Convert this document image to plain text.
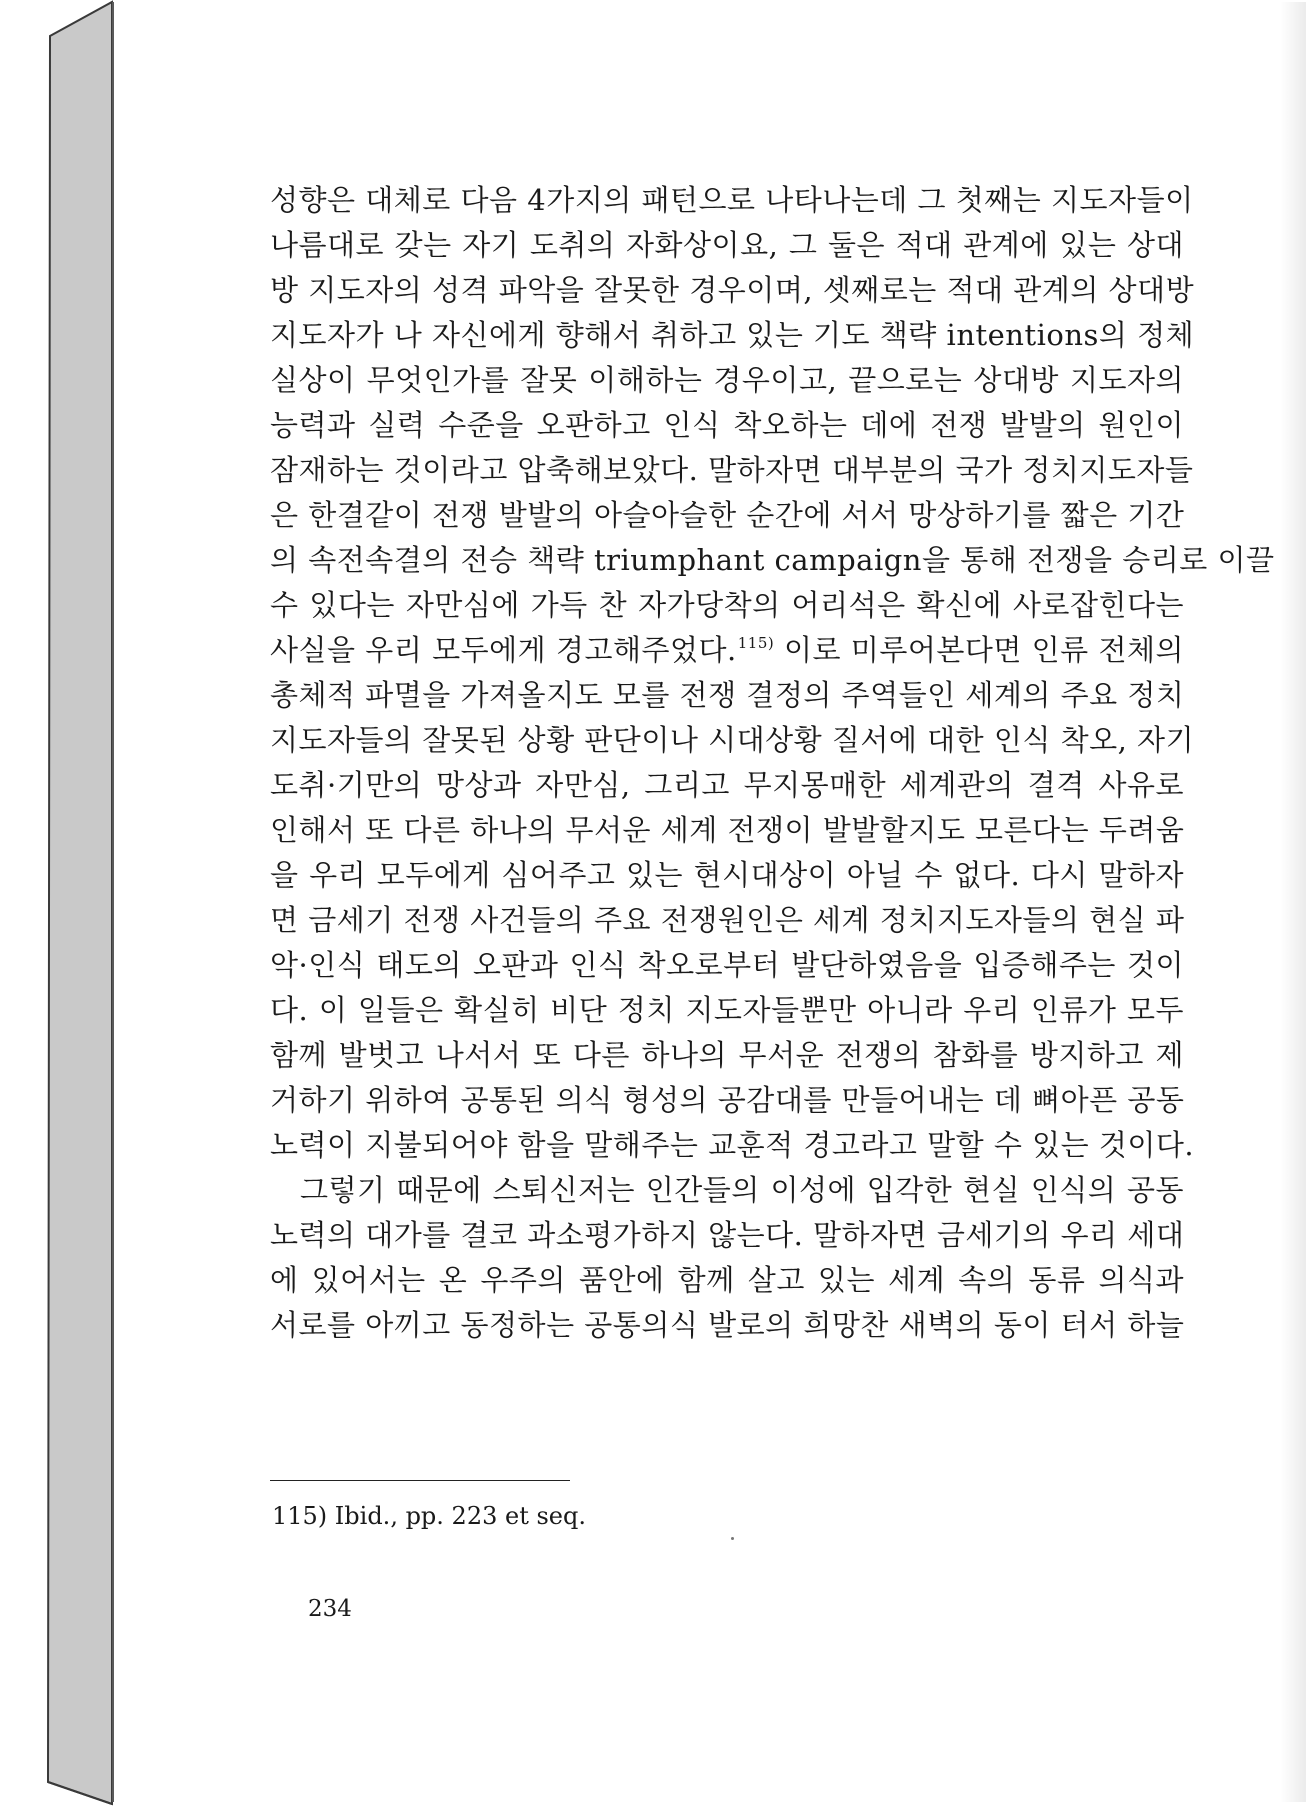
성향은 대체로 다음 4가지의 패턴으로 나타나는데 그 첫째는 지도자들이
나름대로 갖는 자기 도취의 자화상이요, 그 둘은 적대 관계에 있는 상대
방 지도자의 성격 파악을 잘못한 경우이며, 셋째로는 적대 관계의 상대방
지도자가 나 자신에게 향해서 취하고 있는 기도 책략 intentions의 정체
실상이 무엇인가를 잘못 이해하는 경우이고, 끝으로는 상대방 지도자의
능력과 실력 수준을 오판하고 인식 착오하는 데에 전쟁 발발의 원인이
잠재하는 것이라고 압축해보았다. 말하자면 대부분의 국가 정치지도자들
은 한결같이 전쟁 발발의 아슬아슬한 순간에 서서 망상하기를 짧은 기간
의 속전속결의 전승 책략 triumphant campaign을 통해 전쟁을 승리로 이끌
수 있다는 자만심에 가득 찬 자가당착의 어리석은 확신에 사로잡힌다는
사실을 우리 모두에게 경고해주었다.$^{115)}$ 이로 미루어본다면 인류 전체의
총체적 파멸을 가져올지도 모를 전쟁 결정의 주역들인 세계의 주요 정치
지도자들의 잘못된 상황 판단이나 시대상황 질서에 대한 인식 착오, 자기
도취·기만의 망상과 자만심, 그리고 무지몽매한 세계관의 결격 사유로
인해서 또 다른 하나의 무서운 세계 전쟁이 발발할지도 모른다는 두려움
을 우리 모두에게 심어주고 있는 현시대상이 아닐 수 없다. 다시 말하자
면 금세기 전쟁 사건들의 주요 전쟁원인은 세계 정치지도자들의 현실 파
악·인식 태도의 오판과 인식 착오로부터 발단하였음을 입증해주는 것이
다. 이 일들은 확실히 비단 정치 지도자들뿐만 아니라 우리 인류가 모두
함께 발벗고 나서서 또 다른 하나의 무서운 전쟁의 참화를 방지하고 제
거하기 위하여 공통된 의식 형성의 공감대를 만들어내는 데 뼈아픈 공동
노력이 지불되어야 함을 말해주는 교훈적 경고라고 말할 수 있는 것이다.
그렇기 때문에 스퇴신저는 인간들의 이성에 입각한 현실 인식의 공동
노력의 대가를 결코 과소평가하지 않는다. 말하자면 금세기의 우리 세대
에 있어서는 온 우주의 품안에 함께 살고 있는 세계 속의 동류 의식과
서로를 아끼고 동정하는 공통의식 발로의 희망찬 새벽의 동이 터서 하늘
115) Ibid., pp. 223 et seq.
234
